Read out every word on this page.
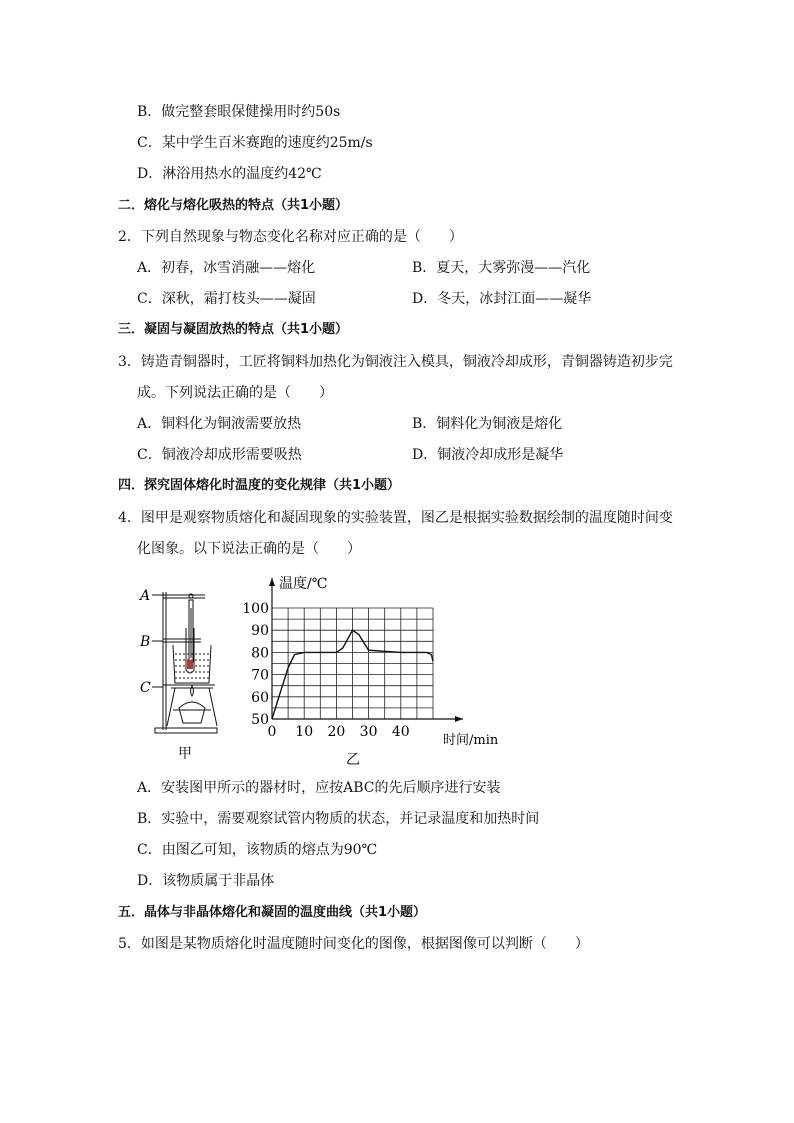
B．做完整套眼保健操用时约50s
C．某中学生百米赛跑的速度约25m/s
D．淋浴用热水的温度约42℃
二．熔化与熔化吸热的特点（共1小题）
2．下列自然现象与物态变化名称对应正确的是（　　）
A．初春，冰雪消融——熔化	B．夏天，大雾弥漫——汽化
C．深秋，霜打枝头——凝固	D．冬天，冰封江面——凝华
三．凝固与凝固放热的特点（共1小题）
3．铸造青铜器时，工匠将铜料加热化为铜液注入模具，铜液冷却成形，青铜器铸造初步完
成。下列说法正确的是（　　）
A．铜料化为铜液需要放热	B．铜料化为铜液是熔化
C．铜液冷却成形需要吸热	D．铜液冷却成形是凝华
四．探究固体熔化时温度的变化规律（共1小题）
4．图甲是观察物质熔化和凝固现象的实验装置，图乙是根据实验数据绘制的温度随时间变
化图象。以下说法正确的是（　　）
A
B
C
甲
0 10 20 30 40
50
60
70
80
90
100
温度/℃
时间/min
乙
A．安装图甲所示的器材时，应按ABC的先后顺序进行安装
B．实验中，需要观察试管内物质的状态，并记录温度和加热时间
C．由图乙可知，该物质的熔点为90℃
D．该物质属于非晶体
五．晶体与非晶体熔化和凝固的温度曲线（共1小题）
5．如图是某物质熔化时温度随时间变化的图像，根据图像可以判断（　　）
